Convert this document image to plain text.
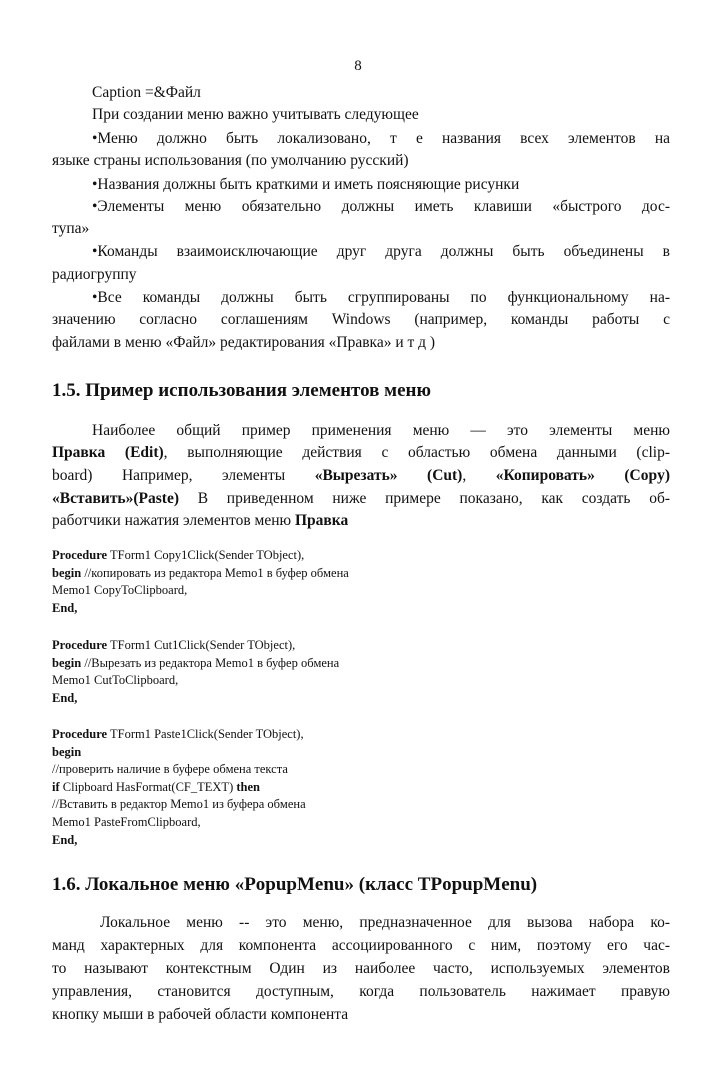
8
Caption =&Файл
При создании меню важно учитывать следующее
•Меню должно быть локализовано, т е названия всех элементов на
языке страны использования (по умолчанию русский)
•Названия должны быть краткими и иметь поясняющие рисунки
•Элементы меню обязательно должны иметь клавиши «быстрого дос-
тупа»
•Команды взаимоисключающие друг друга должны быть объединены в
радиогруппу
•Все команды должны быть сгруппированы по функциональному на-
значению согласно соглашениям Windows (например, команды работы с
файлами в меню «Файл» редактирования «Правка» и т д )
1.5. Пример использования элементов меню
Наиболее общий пример применения меню — это элементы меню
Правка (Edit), выполняющие действия с областью обмена данными (clip-
board) Например, элементы «Вырезать» (Cut), «Копировать» (Copy)
«Вставить»(Paste) В приведенном ниже примере показано, как создать об-
работчики нажатия элементов меню Правка
Procedure TForm1 Copy1Click(Sender TObject),
begin //копировать из редактора Memo1 в буфер обмена
Memo1 CopyToClipboard,
End,
Procedure TForm1 Cut1Click(Sender TObject),
begin //Вырезать из редактора Memo1 в буфер обмена
Memo1 CutToClipboard,
End,
Procedure TForm1 Paste1Click(Sender TObject),
begin
//проверить наличие в буфере обмена текста
if Clipboard HasFormat(CF_TEXT) then
//Вставить в редактор Memo1 из буфера обмена
Memo1 PasteFromClipboard,
End,
1.6. Локальное меню «PopupMenu» (класс TPopupMenu)
Локальное меню -- это меню, предназначенное для вызова набора ко-
манд характерных для компонента ассоциированного с ним, поэтому его час-
то называют контекстным Один из наиболее часто, используемых элементов
управления, становится доступным, когда пользователь нажимает правую
кнопку мыши в рабочей области компонента
